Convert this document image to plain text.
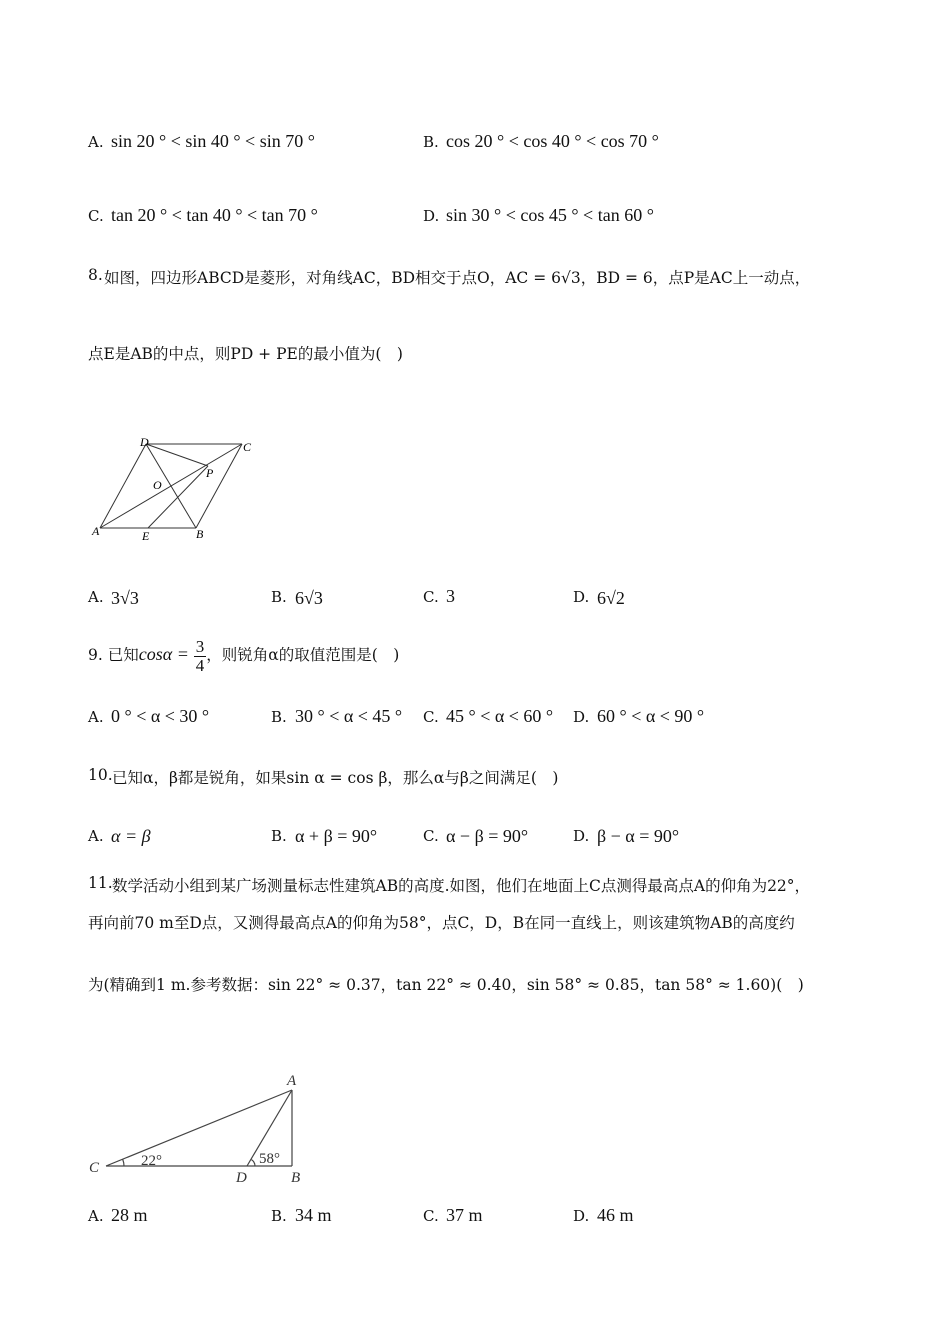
A. sin 20 ° < sin 40 ° < sin 70 °	B. cos 20 ° < cos 40 ° < cos 70 °
C. tan 20 ° < tan 40 ° < tan 70 °	D. sin 30 ° < cos 45 ° < tan 60 °
8. 如图，四边形ABCD是菱形，对角线AC，BD相交于点O，AC = 6√3，BD = 6，点P是AC上一动点，
点E是AB的中点，则PD + PE的最小值为(　)
A	B
C
D
O
P
E
A. 3√3	B. 6√3	C. 3	D. 6√2
9. 已知$\cos\alpha = \frac{3}{4}$ ，则锐角α的取值范围是(　)
A. 0 ° < α < 30 °	B. 30 ° < α < 45 ° C. 45 ° < α < 60 ° D. 60 ° < α < 90 °
10. 已知α，β都是锐角，如果sin α = cos β，那么α与β之间满足(　)
A. α = β	B. α + β = 90°	C. α − β = 90°	D. β − α = 90°
11. 数学活动小组到某广场测量标志性建筑AB的高度.如图，他们在地面上C点测得最高点A的仰角为22°，
再向前70 m至D点，又测得最高点A的仰角为58°，点C，D，B在同一直线上，则该建筑物AB的高度约
为(精确到1 m.参考数据：sin 22° ≈ 0.37，tan 22° ≈ 0.40，sin 58° ≈ 0.85，tan 58° ≈ 1.60)(　)
C
A
B
D
22°	58°
A. 28 m	B. 34 m	C. 37 m	D. 46 m
